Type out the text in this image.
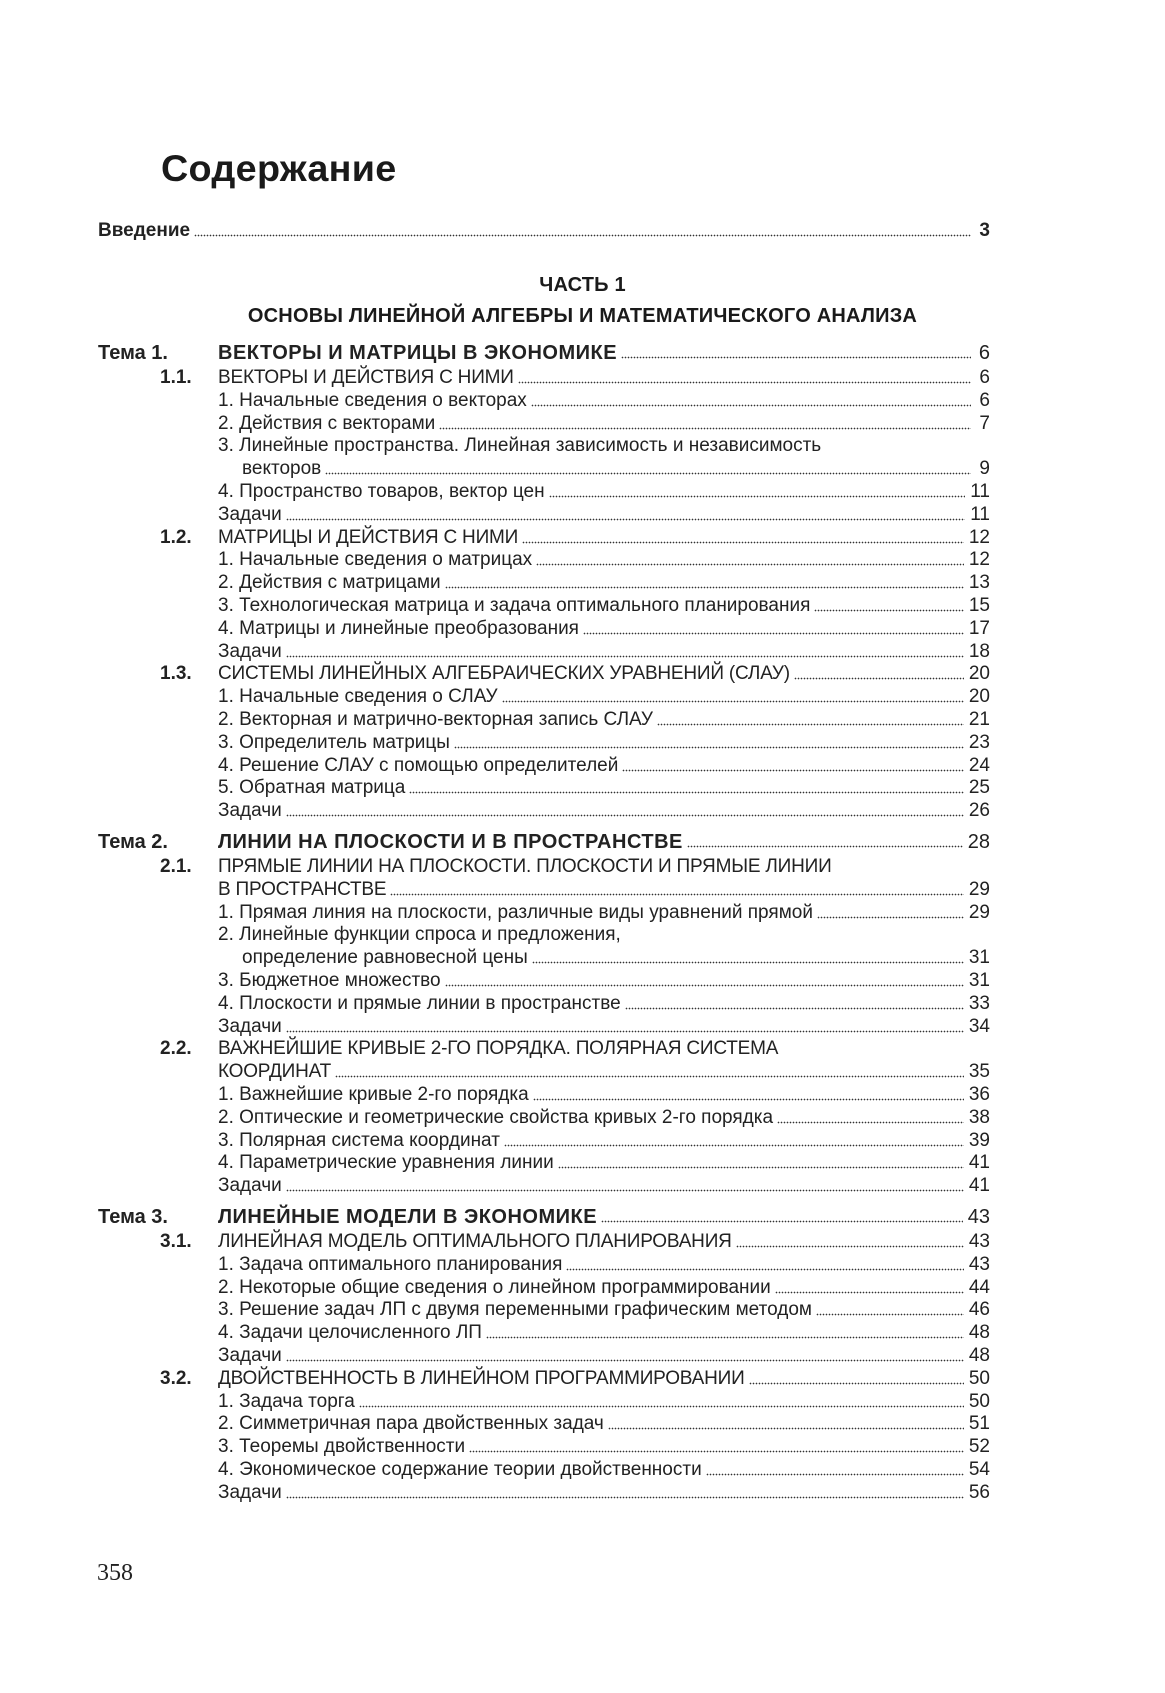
Содержание
Введение	3
ЧАСТЬ 1
ОСНОВЫ ЛИНЕЙНОЙ АЛГЕБРЫ И МАТЕМАТИЧЕСКОГО АНАЛИЗА
Тема 1.	ВЕКТОРЫ И МАТРИЦЫ В ЭКОНОМИКЕ	6
1.1. ВЕКТОРЫ И ДЕЙСТВИЯ С НИМИ	6
1. Начальные сведения о векторах	6
2. Действия с векторами	7
3. Линейные пространства. Линейная зависимость и независимость
векторов	9
4. Пространство товаров, вектор цен	11
Задачи	11
1.2. МАТРИЦЫ И ДЕЙСТВИЯ С НИМИ	12
1. Начальные сведения о матрицах	12
2. Действия с матрицами	13
3. Технологическая матрица и задача оптимального планирования	15
4. Матрицы и линейные преобразования	17
Задачи	18
1.3. СИСТЕМЫ ЛИНЕЙНЫХ АЛГЕБРАИЧЕСКИХ УРАВНЕНИЙ (СЛАУ)	20
1. Начальные сведения о СЛАУ	20
2. Векторная и матрично-векторная запись СЛАУ	21
3. Определитель матрицы	23
4. Решение СЛАУ с помощью определителей	24
5. Обратная матрица	25
Задачи	26
Тема 2.	ЛИНИИ НА ПЛОСКОСТИ И В ПРОСТРАНСТВЕ	28
2.1. ПРЯМЫЕ ЛИНИИ НА ПЛОСКОСТИ. ПЛОСКОСТИ И ПРЯМЫЕ ЛИНИИ
В ПРОСТРАНСТВЕ	29
1. Прямая линия на плоскости, различные виды уравнений прямой	29
2. Линейные функции спроса и предложения,
определение равновесной цены	31
3. Бюджетное множество	31
4. Плоскости и прямые линии в пространстве	33
Задачи	34
2.2. ВАЖНЕЙШИЕ КРИВЫЕ 2-ГО ПОРЯДКА. ПОЛЯРНАЯ СИСТЕМА
КООРДИНАТ	35
1. Важнейшие кривые 2-го порядка	36
2. Оптические и геометрические свойства кривых 2-го порядка	38
3. Полярная система координат	39
4. Параметрические уравнения линии	41
Задачи	41
Тема 3.	ЛИНЕЙНЫЕ МОДЕЛИ В ЭКОНОМИКЕ	43
3.1. ЛИНЕЙНАЯ МОДЕЛЬ ОПТИМАЛЬНОГО ПЛАНИРОВАНИЯ	43
1. Задача оптимального планирования	43
2. Некоторые общие сведения о линейном программировании	44
3. Решение задач ЛП с двумя переменными графическим методом	46
4. Задачи целочисленного ЛП	48
Задачи	48
3.2. ДВОЙСТВЕННОСТЬ В ЛИНЕЙНОМ ПРОГРАММИРОВАНИИ	50
1. Задача торга	50
2. Симметричная пара двойственных задач	51
3. Теоремы двойственности	52
4. Экономическое содержание теории двойственности	54
Задачи	56
358
